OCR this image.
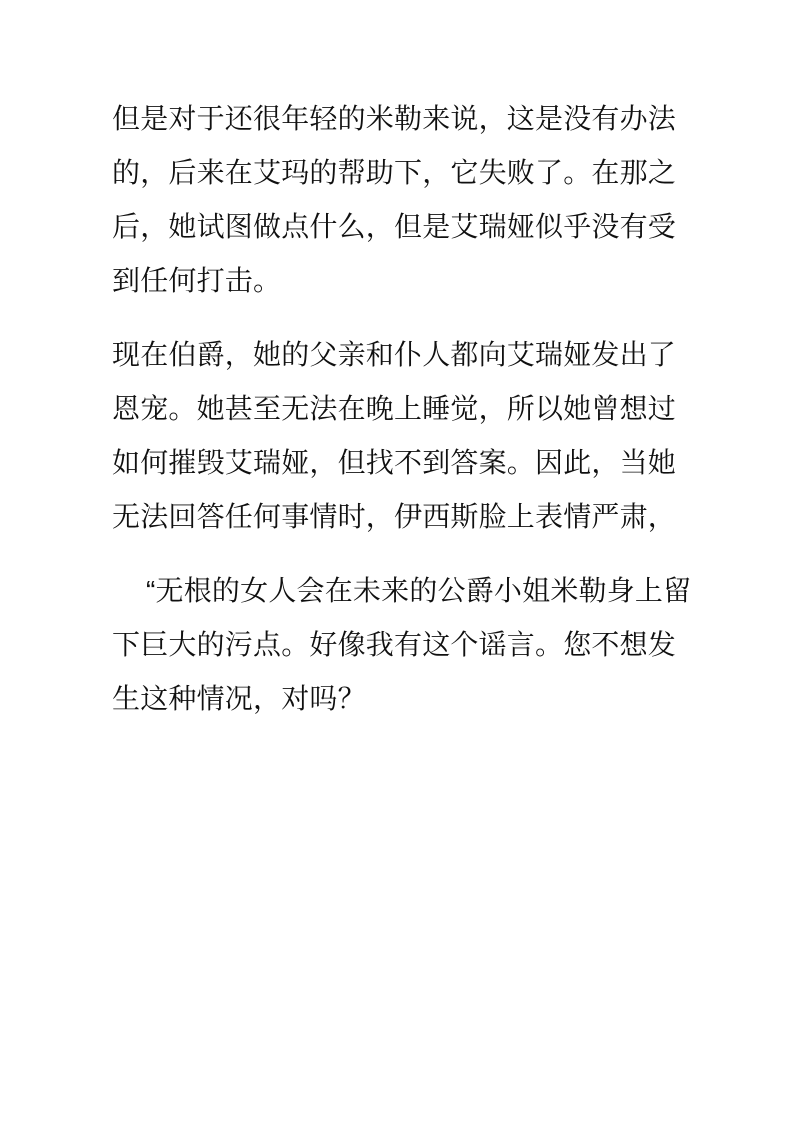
但是对于还很年轻的米勒来说，这是没有办法的，后来在艾玛的帮助下，它失败了。在那之 后，她试图做点什么，但是艾瑞娅似乎没有受到任何打击。

现在伯爵，她的父亲和仆人都向艾瑞娅发出了恩宠。她甚至无法在晚上睡觉，所以她曾想过 如何摧毁艾瑞娅，但找不到答案。因此，当她无法回答任何事情时，伊西斯脸上表情严肃，

“无根的女人会在未来的公爵小姐米勒身上留下巨大的污点。好像我有这个谣言。您不想发 生这种情况，对吗？
